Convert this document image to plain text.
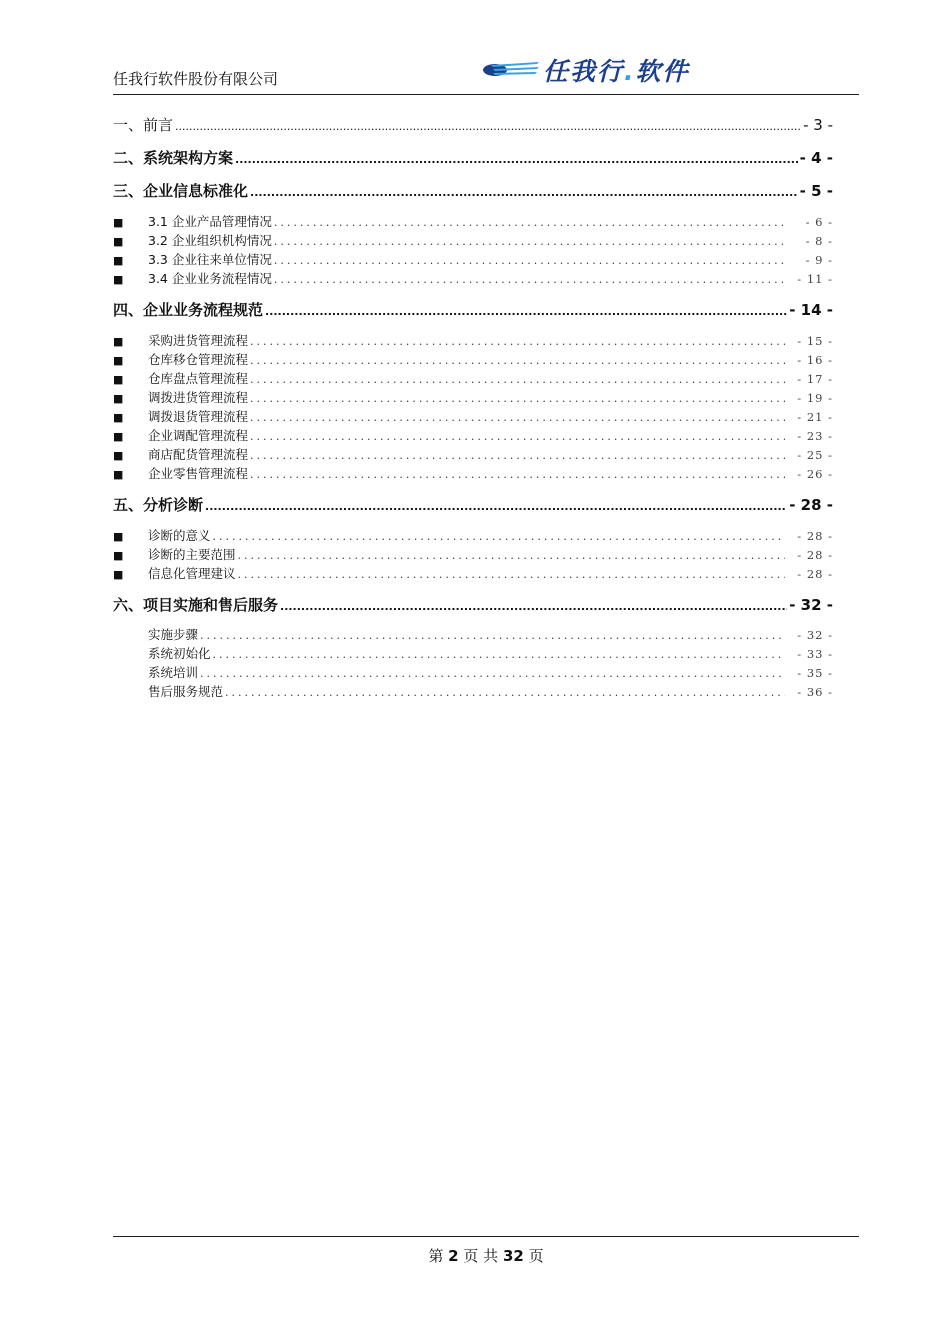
任我行软件股份有限公司	任我行.软件
一、前言 .....	- 3 -
二、系统架构方案 .....	- 4 -
三、企业信息标准化 .....	- 5 -
■	3.1 企业产品管理情况 .....	- 6 -
■	3.2 企业组织机构情况 .....	- 8 -
■	3.3 企业往来单位情况 .....	- 9 -
■	3.4 企业业务流程情况 .....	- 11 -
四、企业业务流程规范 .....	- 14 -
■	采购进货管理流程 .....	- 15 -
■	仓库移仓管理流程 .....	- 16 -
■	仓库盘点管理流程 .....	- 17 -
■	调拨进货管理流程 .....	- 19 -
■	调拨退货管理流程 .....	- 21 -
■	企业调配管理流程 .....	- 23 -
■	商店配货管理流程 .....	- 25 -
■	企业零售管理流程 .....	- 26 -
五、分析诊断 .....	- 28 -
■	诊断的意义 .....	- 28 -
■	诊断的主要范围 .....	- 28 -
■	信息化管理建议 .....	- 28 -
六、项目实施和售后服务 .....	- 32 -
实施步骤 .....	- 32 -
系统初始化 .....	- 33 -
系统培训 .....	- 35 -
售后服务规范 .....	- 36 -
第 2 页 共 32 页
